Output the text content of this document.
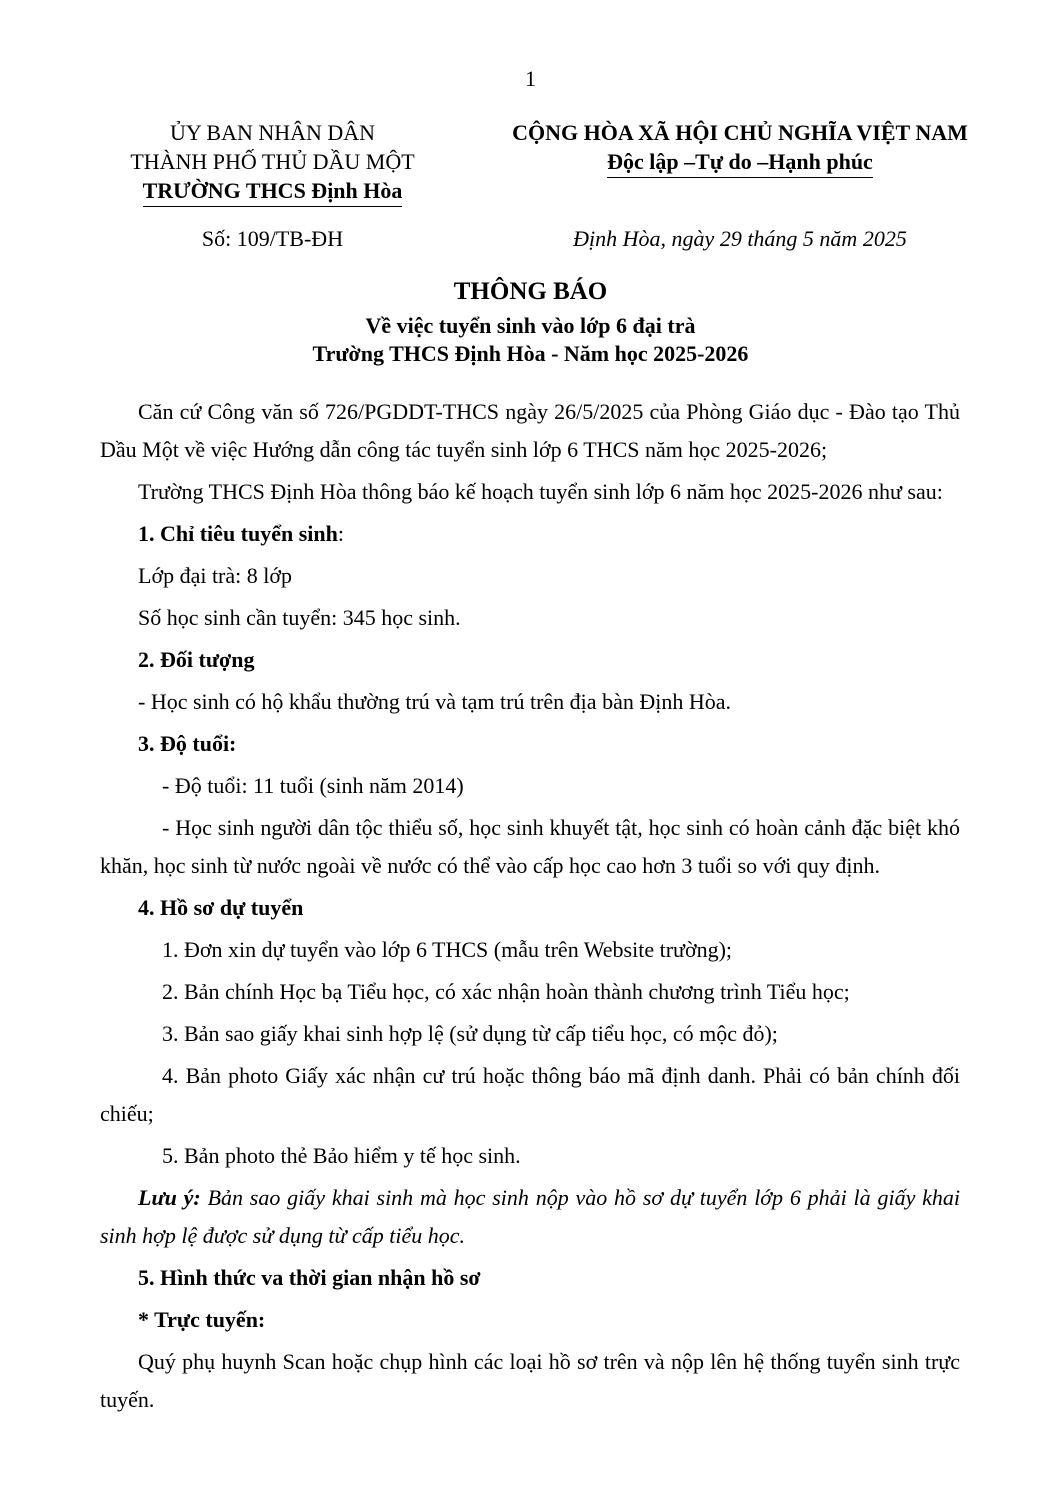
1
ỦY BAN NHÂN DÂN
THÀNH PHỐ THỦ DẦU MỘT
TRƯỜNG THCS Định Hòa
CỘNG HÒA XÃ HỘI CHỦ NGHĨA VIỆT NAM
Độc lập –Tự do –Hạnh phúc
Số: 109/TB-ĐH	Định Hòa, ngày 29 tháng 5 năm 2025
THÔNG BÁO
Về việc tuyển sinh vào lớp 6 đại trà
Trường THCS Định Hòa - Năm học 2025-2026

Căn cứ Công văn số 726/PGDDT-THCS ngày 26/5/2025 của Phòng Giáo dục - Đào tạo Thủ Dầu Một về việc Hướng dẫn công tác tuyển sinh lớp 6 THCS năm học 2025-2026;

Trường THCS Định Hòa thông báo kế hoạch tuyển sinh lớp 6 năm học 2025-2026 như sau:

1. Chỉ tiêu tuyển sinh:

Lớp đại trà: 8 lớp

Số học sinh cần tuyển: 345 học sinh.

2. Đối tượng

- Học sinh có hộ khẩu thường trú và tạm trú trên địa bàn Định Hòa.

3. Độ tuổi:

- Độ tuổi: 11 tuổi (sinh năm 2014)

- Học sinh người dân tộc thiểu số, học sinh khuyết tật, học sinh có hoàn cảnh đặc biệt khó khăn, học sinh từ nước ngoài về nước có thể vào cấp học cao hơn 3 tuổi so với quy định.

4. Hồ sơ dự tuyển

1. Đơn xin dự tuyển vào lớp 6 THCS (mẫu trên Website trường);

2. Bản chính Học bạ Tiểu học, có xác nhận hoàn thành chương trình Tiểu học;

3. Bản sao giấy khai sinh hợp lệ (sử dụng từ cấp tiểu học, có mộc đỏ);

4. Bản photo Giấy xác nhận cư trú hoặc thông báo mã định danh. Phải có bản chính đối chiếu;

5. Bản photo thẻ Bảo hiểm y tế học sinh.

Lưu ý: Bản sao giấy khai sinh mà học sinh nộp vào hồ sơ dự tuyển lớp 6 phải là giấy khai sinh hợp lệ được sử dụng từ cấp tiểu học.

5. Hình thức va thời gian nhận hồ sơ

* Trực tuyến:

Quý phụ huynh Scan hoặc chụp hình các loại hồ sơ trên và nộp lên hệ thống tuyển sinh trực tuyến.
